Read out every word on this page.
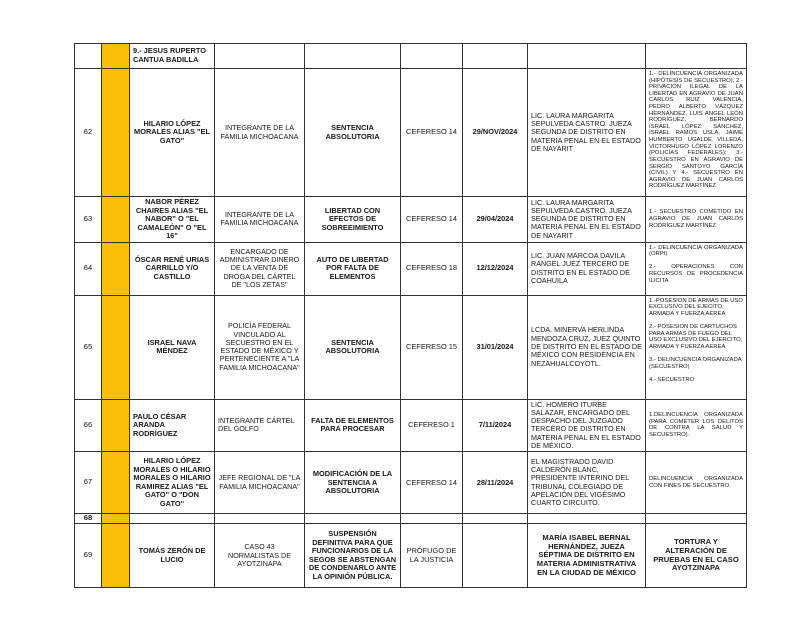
		9.- JESUS RUPERTO CANTUA BADILLA						
62		HILARIO LÓPEZ MORALES ALIAS "EL GATO"	INTEGRANTE DE LA FAMILIA MICHOACANA	SENTENCIA ABSOLUTORIA	CEFERESO 14	29/NOV/2024	LIC. LAURA MARGARITA SEPULVEDA CASTRO. JUEZA SEGUNDA DE DISTRITO EN MATERIA PENAL EN EL ESTADO DE NAYARIT	1.- DELINCUENCIA ORGANIZADA (HIPÓTESIS DE SECUESTRO), 2.- PRIVACIÓN ILEGAL DE LA LIBERTAD EN AGRAVIO DE JUAN CARLOS RUIZ VALENCIA, PEDRO ALBERTO VÁZQUEZ HERNÁNDEZ, LUIS ÁNGEL LEÓN RODRÍGUEZ, BERNARDO ISRAEL LÓPEZ SÁNCHEZ, ISRAEL RAMOS USLA, JAIME HUMBERTO UGALDE VILLEDA, VICTORHUGO LÓPEZ LORENZO (POLICÍAS FEDERALES); 3.- SECUESTRO EN AGRAVIO DE SERGIO SANTOYO GARCÍA (CIVIL) Y 4.- SECUESTRO EN AGRAVIO DE JUAN CARLOS RODRÍGUEZ MARTÍNEZ.
63		NABOR PÉREZ CHAIRES ALIAS "EL NABOR" O "EL CAMALEÓN" O "EL 16"	INTEGRANTE DE LA FAMILIA MICHOACANA	LIBERTAD CON EFECTOS DE SOBREEIMIENTO	CEFERESO 14	29/04/2024	LIC. LAURA MARGARITA SEPULVEDA CASTRO. JUEZA SEGUNDA DE DISTRITO EN MATERIA PENAL EN EL ESTADO DE NAYARIT	1.- SECUESTRO COMETIDO EN AGRAVIO DE JUAN CARLOS RODRÍGUEZ MARTÍNEZ.
64		ÓSCAR RENÉ URIAS CARRILLO Y/O CASTILLO	ENCARGADO DE ADMINISTRAR DINERO DE LA VENTA DE DROGA DEL CÁRTEL DE "LOS ZETAS"	AUTO DE LIBERTAD POR FALTA DE ELEMENTOS	CEFERESO 18	12/12/2024	LIC. JUAN MARCOA DAVILA RANGEL JUEZ TERCERO DE DISTRITO EN EL ESTADO DE COAHUILA	1.- DELINCUENCIA ORGANIZADA (ORPI)

2.- OPERACIONES CON RECURSOS DE PROCEDENCIA ILICITA

65		ISRAEL NAVA MÉNDEZ	POLICÍA FEDERAL VINCULADO AL SECUESTRO EN EL ESTADO DE MÉXICO Y PERTENECIENTE A "LA FAMILIA MICHOACANA"	SENTENCIA ABSOLUTORIA	CEFERESO 15	31/01/2024	LCDA. MINERVA HERLINDA MENDOZA CRUZ, JUEZ QUINTO DE DISTRITO EN EL ESTADO DE MÉXICO CON RESIDENCIA EN NEZAHUALCOYOTL.	1.-POSESION DE ARMAS DE USO EXCLUSIVO DEL EJECITO, ARMADA Y FUERZA AEREA

2.- POSESION DE CARTUCHOS PARA ARMAS DE FUEGO DEL USO EXCLUSIVO DEL EJERCITO, ARMADA Y FUERZA AEREA

3.- DELINCUENCIA ORGANIZADA (SECUESTRO)

4.- SECUESTRO

66		PAULO CÉSAR ARANDA RODRÍGUEZ	INTEGRANTE CÁRTEL DEL GOLFO	FALTA DE ELEMENTOS PARA PROCESAR	CEFERESO 1	7/11/2024	LIC. HOMERO ITURBE SALAZAR, ENCARGADO DEL DESPACHO DEL JUZGADO TERCERO DE DISTRITO EN MATERIA PENAL EN EL ESTADO DE MÉXICO.	1.DELINCUENCIA ORGANIZADA (PARA COMETER LOS DELITOS DE CONTRA LA SALUD Y SECUESTRO).
67		HILARIO LÓPEZ MORALES O HILARIO MORALES O HILARIO RAMIREZ ALIAS "EL GATO" O "DON GATO"	JEFE REGIONAL DE "LA FAMILIA MICHOACANA"	MODIFICACIÓN DE LA SENTENCIA A ABSOLUTORIA	CEFERESO 14	28/11/2024	EL MAGISTRADO DAVID CALDERÓN BLANC, PRESIDENTE INTERINO DEL TRIBUNAL COLEGIADO DE APELACIÓN DEL VIGÉSIMO CUARTO CIRCUITO.	DELINCUENCIA ORGANIZADA CON FINES DE SECUESTRO.
68								
69		TOMÁS ZERÓN DE LUCIO	CASO 43 NORMALISTAS DE AYOTZINAPA	SUSPENSIÓN DEFINITIVA PARA QUE FUNCIONARIOS DE LA SEGOB SE ABSTENGAN DE CONDENARLO ANTE LA OPINIÓN PÚBLICA.	PRÓFUGO DE LA JUSTICIA		MARÍA ISABEL BERNAL HERNÁNDEZ, JUEZA SÉPTIMA DE DISTRITO EN MATERIA ADMINISTRATIVA EN LA CIUDAD DE MÉXICO	TORTURA Y ALTERACIÓN DE PRUEBAS EN EL CASO AYOTZINAPA
